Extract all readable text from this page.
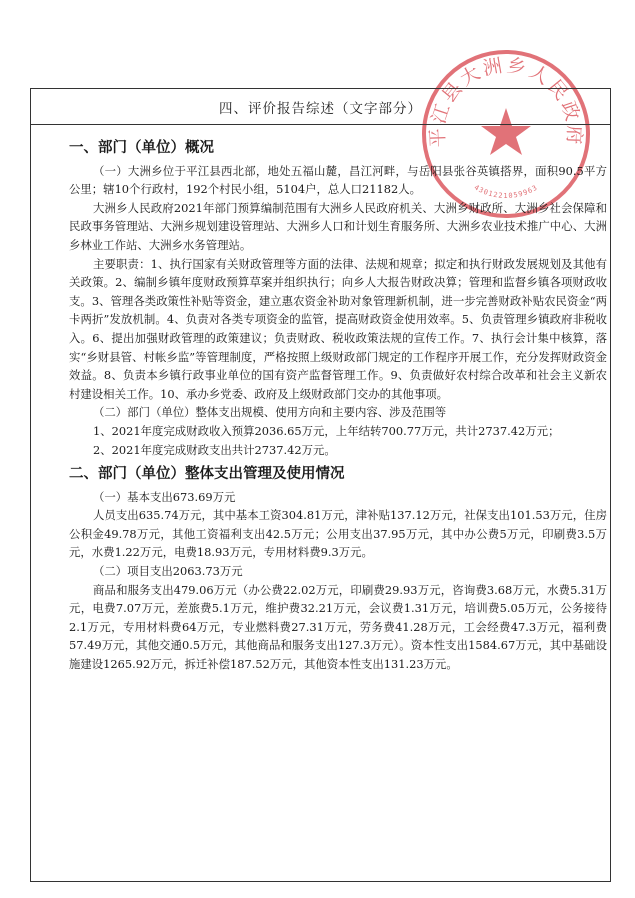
平江县大洲乡人民政府
4301221059963
四、评价报告综述（文字部分）
一、部门（单位）概况

（一）大洲乡位于平江县西北部，地处五福山麓，昌江河畔，与岳阳县张谷英镇搭界，面积90.5平方公里；辖10个行政村，192个村民小组，5104户，总人口21182人。

大洲乡人民政府2021年部门预算编制范围有大洲乡人民政府机关、大洲乡财政所、大洲乡社会保障和民政事务管理站、大洲乡规划建设管理站、大洲乡人口和计划生育服务所、大洲乡农业技术推广中心、大洲乡林业工作站、大洲乡水务管理站。

主要职责：1、执行国家有关财政管理等方面的法律、法规和规章；拟定和执行财政发展规划及其他有关政策。2、编制乡镇年度财政预算草案并组织执行；向乡人大报告财政决算；管理和监督乡镇各项财政收支。3、管理各类政策性补贴等资金，建立惠农资金补助对象管理新机制，进一步完善财政补贴农民资金“两卡两折”发放机制。4、负责对各类专项资金的监管，提高财政资金使用效率。5、负责管理乡镇政府非税收入。6、提出加强财政管理的政策建议；负责财政、税收政策法规的宣传工作。7、执行会计集中核算，落实“乡财县管、村帐乡监”等管理制度，严格按照上级财政部门规定的工作程序开展工作，充分发挥财政资金效益。8、负责本乡镇行政事业单位的国有资产监督管理工作。9、负责做好农村综合改革和社会主义新农村建设相关工作。10、承办乡党委、政府及上级财政部门交办的其他事项。

（二）部门（单位）整体支出规模、使用方向和主要内容、涉及范围等

1、2021年度完成财政收入预算2036.65万元，上年结转700.77万元，共计2737.42万元；

2、2021年度完成财政支出共计2737.42万元。

二、部门（单位）整体支出管理及使用情况

（一）基本支出673.69万元

人员支出635.74万元，其中基本工资304.81万元，津补贴137.12万元，社保支出101.53万元，住房公积金49.78万元，其他工资福利支出42.5万元；公用支出37.95万元，其中办公费5万元，印刷费3.5万元，水费1.22万元，电费18.93万元，专用材料费9.3万元。

（二）项目支出2063.73万元

商品和服务支出479.06万元（办公费22.02万元，印刷费29.93万元，咨询费3.68万元，水费5.31万元，电费7.07万元，差旅费5.1万元，维护费32.21万元，会议费1.31万元，培训费5.05万元，公务接待2.1万元，专用材料费64万元，专业燃料费27.31万元，劳务费41.28万元，工会经费47.3万元，福利费57.49万元，其他交通0.5万元，其他商品和服务支出127.3万元）。资本性支出1584.67万元，其中基础设施建设1265.92万元，拆迁补偿187.52万元，其他资本性支出131.23万元。
